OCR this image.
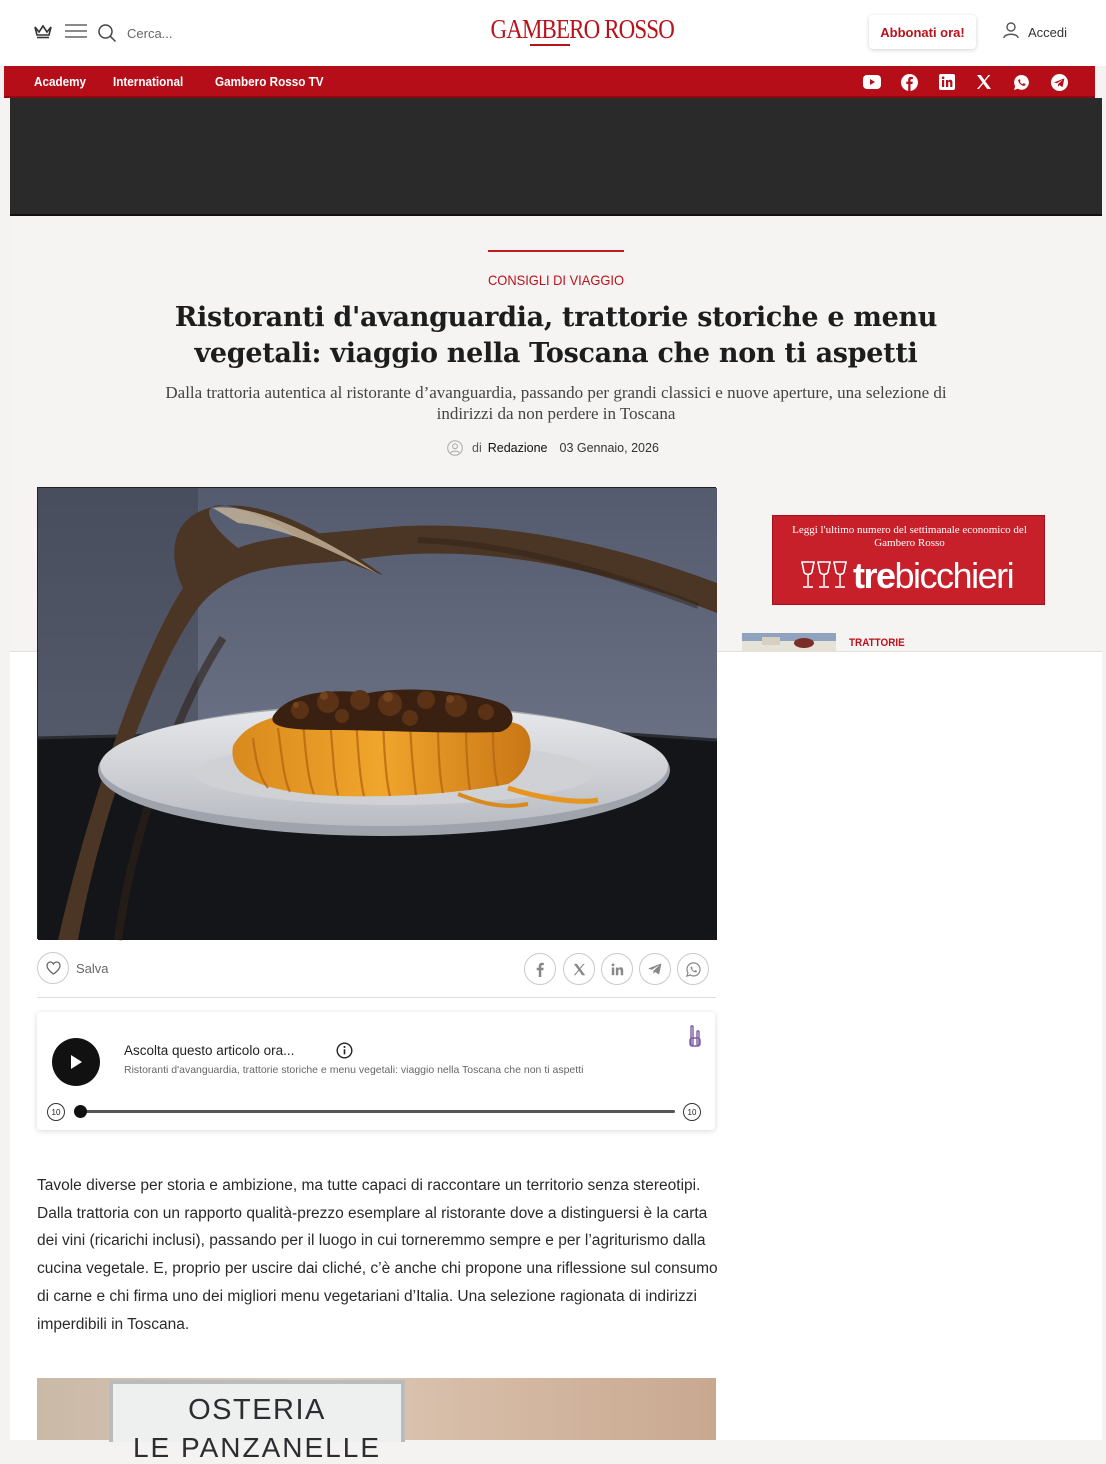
Cerca...
GAMBERO ROSSO	Abbonati ora!	Accedi
Academy International Gambero Rosso TV
CONSIGLI DI VIAGGIO
Ristoranti d'avanguardia, trattorie storiche e menu vegetali: viaggio nella Toscana che non ti aspetti

Dalla trattoria autentica al ristorante d’avanguardia, passando per grandi classici e nuove aperture, una selezione di indirizzi da non perdere in Toscana

di Redazione 03 Gennaio, 2026
Leggi l'ultimo numero del settimanale economico del Gambero Rosso
trebicchieri
TRATTORIE
Salva
Ascolta questo articolo ora...
Ristoranti d'avanguardia, trattorie storiche e menu vegetali: viaggio nella Toscana che non ti aspetti
10	10

Tavole diverse per storia e ambizione, ma tutte capaci di raccontare un territorio senza stereotipi. Dalla trattoria con un rapporto qualità-prezzo esemplare al ristorante dove a distinguersi è la carta dei vini (ricarichi inclusi), passando per il luogo in cui torneremmo sempre e per l’agriturismo dalla cucina vegetale. E, proprio per uscire dai cliché, c’è anche chi propone una riflessione sul consumo di carne e chi firma uno dei migliori menu vegetariani d’Italia. Una selezione ragionata di indirizzi imperdibili in Toscana.

OSTERIA
LE PANZANELLE
